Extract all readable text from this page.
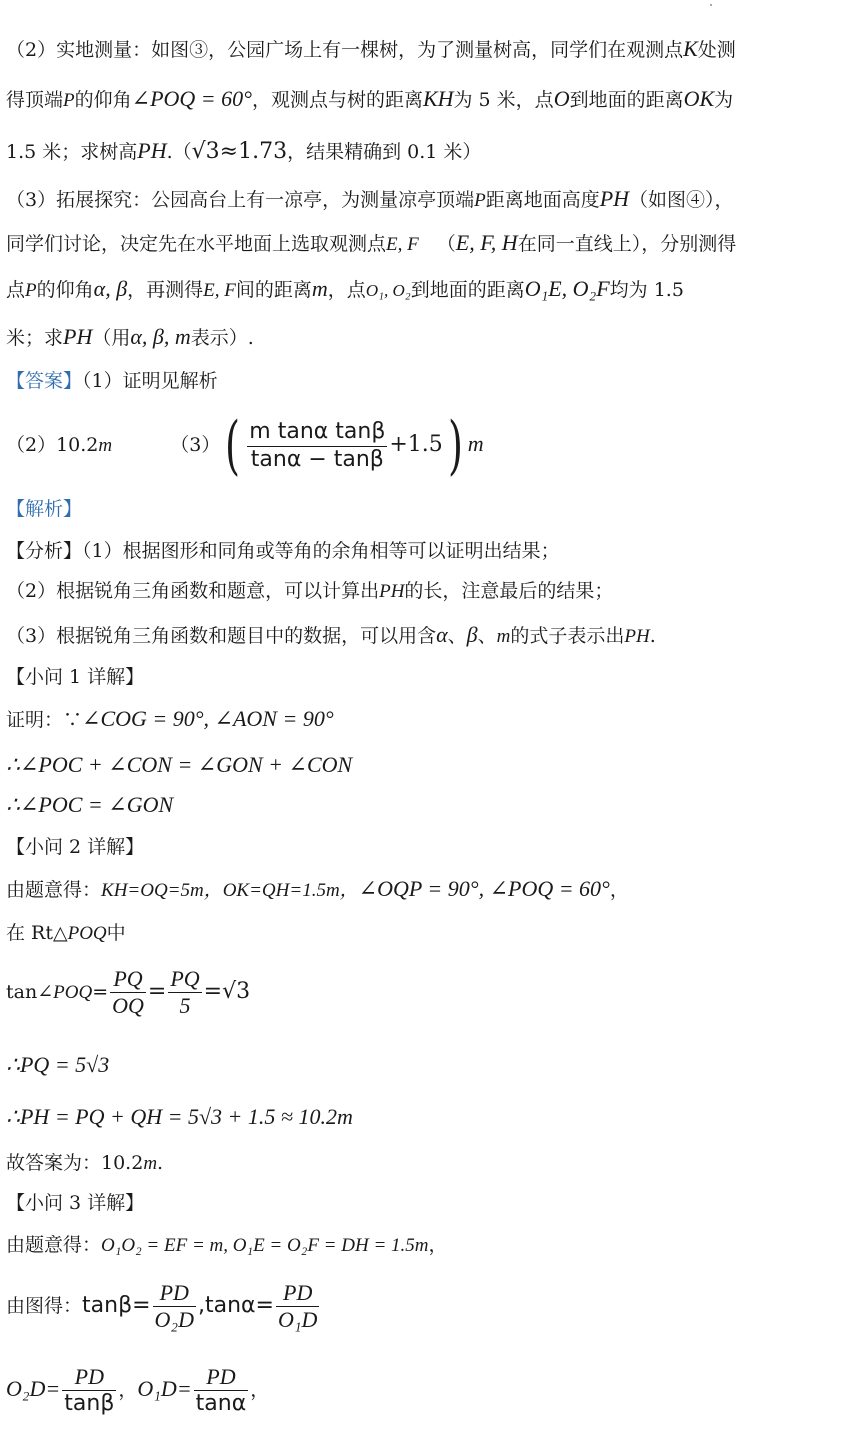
（2）实地测量：如图③，公园广场上有一棵树，为了测量树高，同学们在观测点K处测
得顶端P的仰角∠POQ = 60°，观测点与树的距离KH为 5 米，点O到地面的距离OK为
1.5 米；求树高PH.（√3≈1.73，结果精确到 0.1 米）
（3）拓展探究：公园高台上有一凉亭，为测量凉亭顶端P距离地面高度PH（如图④），
同学们讨论，决定先在水平地面上选取观测点E, F （E, F, H在同一直线上），分别测得
点P的仰角α, β，再测得E, F间的距离m，点O₁, O₂到地面的距离O₁E, O₂F均为 1.5
米；求PH（用α, β, m表示）.
【答案】（1）证明见解析
（2）10.2m	$(3)( \frac{\text{m tanα tanβ}}{\tan\alpha - \tan\beta} +1.5)$ m
【解析】
【分析】（1）根据图形和同角或等角的余角相等可以证明出结果；
（2）根据锐角三角函数和题意，可以计算出PH的长，注意最后的结果；
（3）根据锐角三角函数和题目中的数据，可以用含α、β、m的式子表示出PH.
【小问 1 详解】
证明：∵∠COG = 90°, ∠AON = 90°
∴∠POC + ∠CON = ∠GON + ∠CON
∴∠POC = ∠GON
【小问 2 详解】
由题意得：KH=OQ=5m，OK=QH=1.5m，∠OQP = 90°, ∠POQ = 60°，
在 Rt△POQ中
tan∠POQ= $\frac{PQ}{OQ} = \frac{PQ}{5} =√3$
∴PQ = 5√3
∴PH = PQ + QH = 5√3 + 1.5 ≈ 10.2m
故答案为：10.2m.
【小问 3 详解】
由题意得：O₁O₂ = EF = m, O₁E = O₂F = DH = 1.5m，
由图得：$\tan\beta= \frac{PD}{\text{O₂D}} ,\tan\alpha= \frac{PD}{\text{O₁D}}$
$O_2D= \frac{PD}{\tan\beta}$ ，$O_1D= \frac{PD}{\tan\alpha}$ ，
